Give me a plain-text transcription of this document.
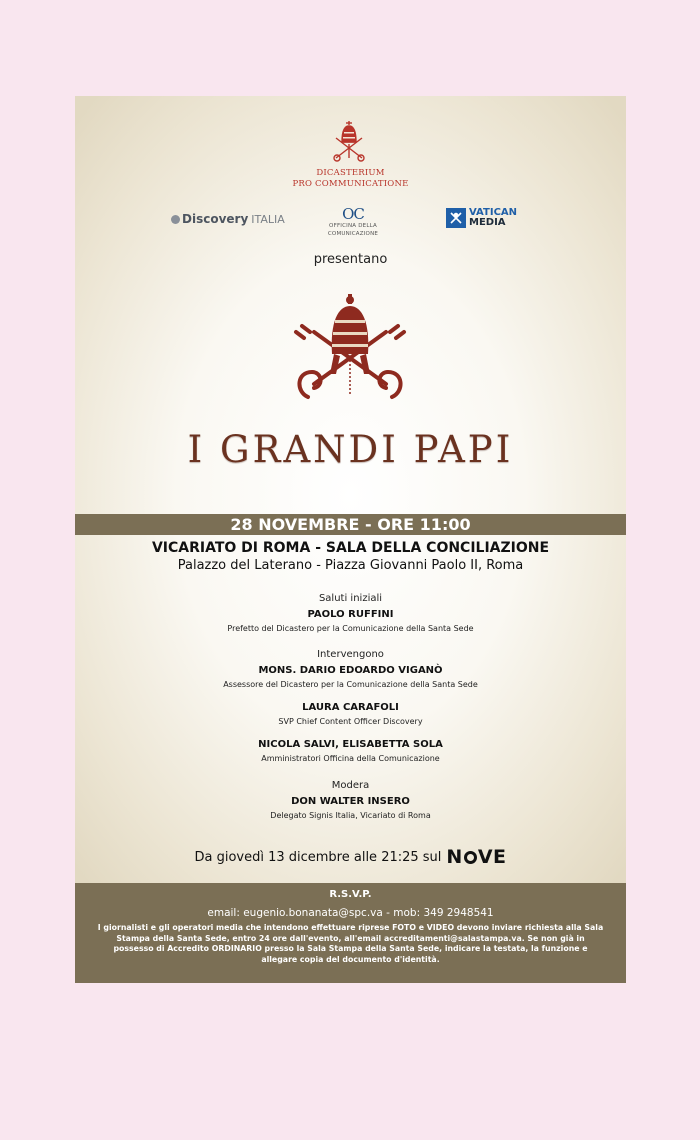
DICASTERIUM
PRO COMMUNICATIONE
Discovery ITALIA	OC
OFFICINA DELLA COMUNICAZIONE
VATICAN
MEDIA
presentano
I GRANDI PAPI
28 NOVEMBRE - ORE 11:00
VICARIATO DI ROMA - SALA DELLA CONCILIAZIONE
Palazzo del Laterano - Piazza Giovanni Paolo II, Roma
Saluti iniziali
PAOLO RUFFINI
Prefetto del Dicastero per la Comunicazione della Santa Sede
Intervengono
MONS. DARIO EDOARDO VIGANÒ
Assessore del Dicastero per la Comunicazione della Santa Sede
LAURA CARAFOLI
SVP Chief Content Officer Discovery
NICOLA SALVI, ELISABETTA SOLA
Amministratori Officina della Comunicazione
Modera
DON WALTER INSERO
Delegato Signis Italia, Vicariato di Roma
Da giovedì 13 dicembre alle 21:25 sul N VE
R.S.V.P.
email: eugenio.bonanata@spc.va - mob: 349 2948541
I giornalisti e gli operatori media che intendono effettuare riprese FOTO e VIDEO devono inviare richiesta alla Sala Stampa della Santa Sede, entro 24 ore dall'evento, all'email accreditamenti@salastampa.va. Se non già in possesso di Accredito ORDINARIO presso la Sala Stampa della Santa Sede, indicare la testata, la funzione e allegare copia del documento d'identità.
